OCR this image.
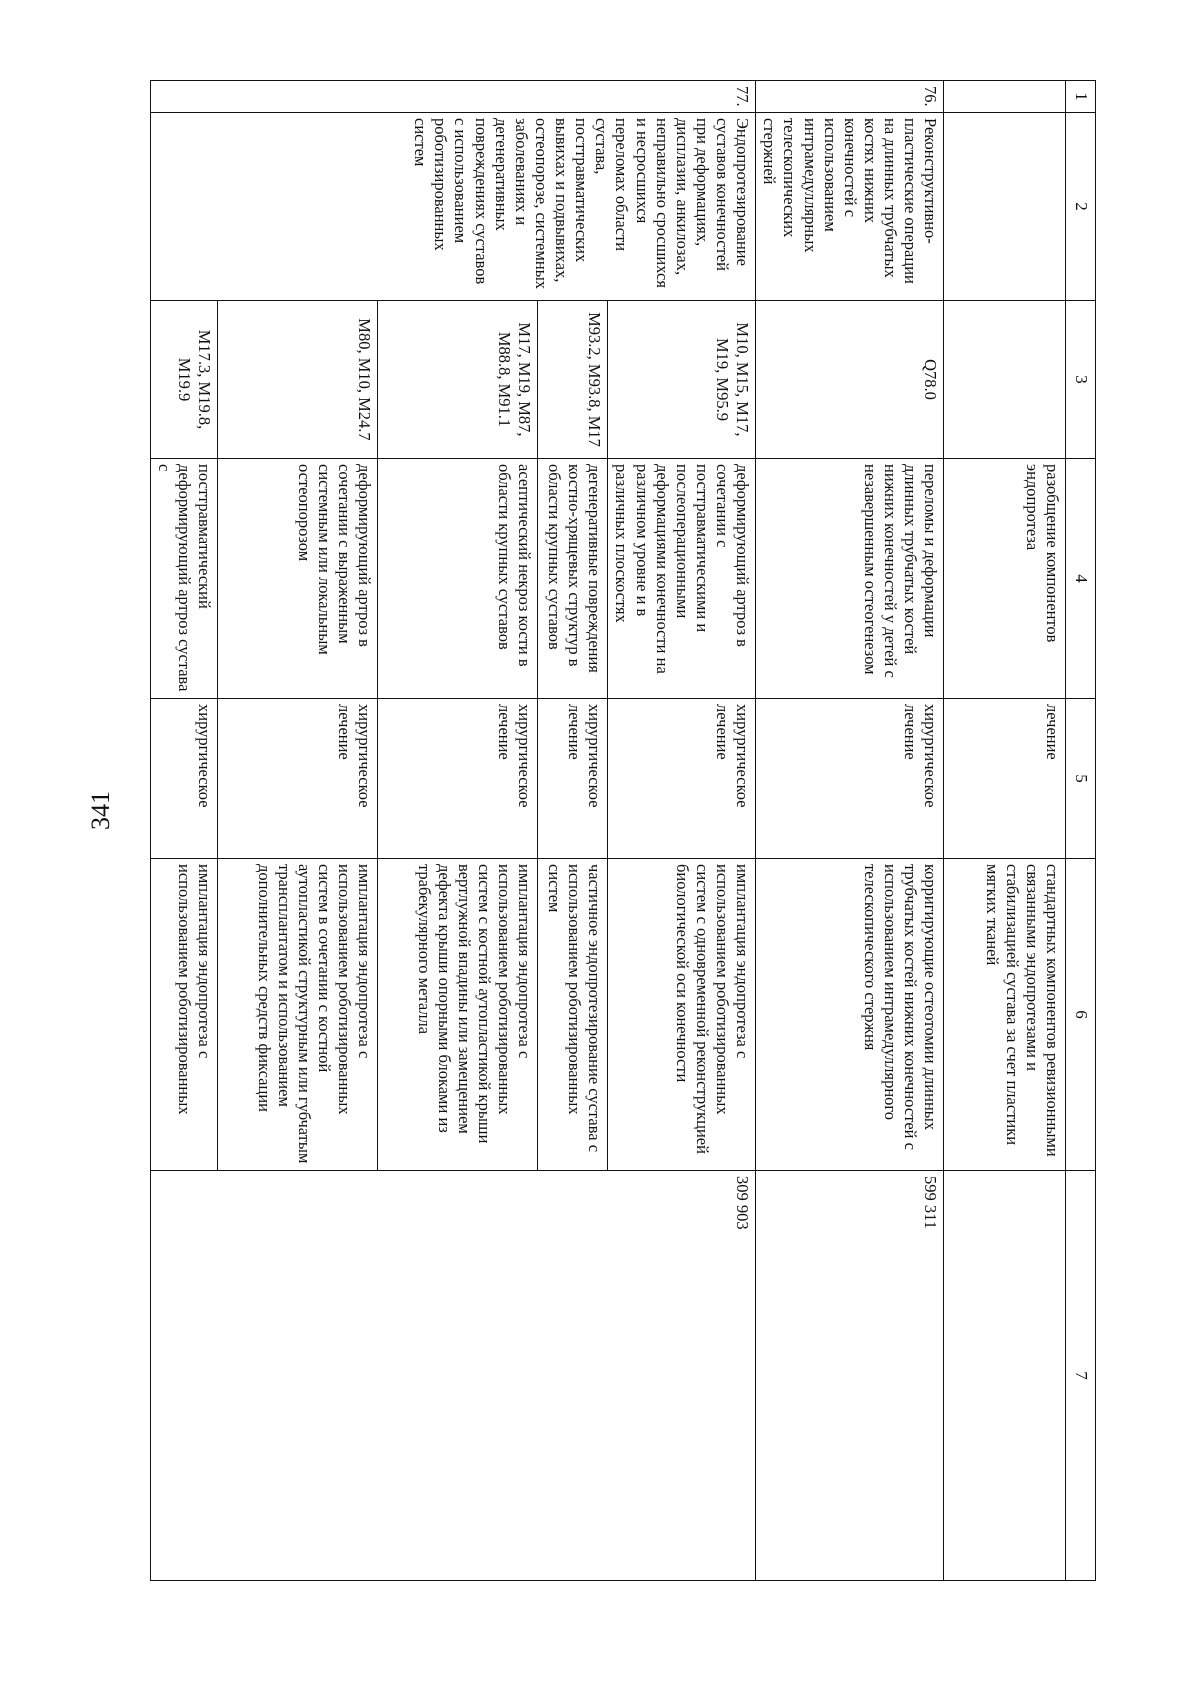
341
1	2	3	4	5	6	7
			разобщение компонентов эндопротеза	лечение	стандартных компонентов ревизионными связанными эндопротезами и стабилизацией сустава за счет пластики мягких тканей	
76.	Реконструктивно-пластические операции на длинных трубчатых костях нижних конечностей с использованием интрамедуллярных телескопических стержней	Q78.0	переломы и деформации длинных трубчатых костей нижних конечностей у детей с незавершенным остеогенезом	хирургическое лечение	корригирующие остеотомии длинных трубчатых костей нижних конечностей с использованием интрамедуллярного телескопического стержня	599 311
77.	Эндопротезирование суставов конечностей при деформациях, дисплазии, анкилозах, неправильно сросшихся и несросшихся переломах области сустава, посттравматических вывихах и подвывихах, остеопорозе, системных заболеваниях и дегенеративных повреждениях суставов с использованием роботизированных систем	M10, M15, M17, M19, M95.9	деформирующий артроз в сочетании с посттравматическими и послеоперационными деформациями конечности на различном уровне и в различных плоскостях	хирургическое лечение	имплантация эндопротеза с использованием роботизированных систем с одновременной реконструкцией биологической оси конечности	309 903
		M93.2, M93.8, M17	дегенеративные повреждения костно-хрящевых структур в области крупных суставов	хирургическое лечение	частичное эндопротезирование сустава с использованием роботизированных систем	
		M17, M19, M87, M88.8, M91.1	асептический некроз кости в области крупных суставов	хирургическое лечение	имплантация эндопротеза с использованием роботизированных систем с костной аутопластикой крыши вертлужной впадины или замещением дефекта крыши опорными блоками из трабекулярного металла	
		M80, M10, M24.7	деформирующий артроз в сочетании с выраженным системным или локальным остеопорозом	хирургическое лечение	имплантация эндопротеза с использованием роботизированных систем в сочетании с костной аутопластикой структурным или губчатым трансплантатом и использованием дополнительных средств фиксации	
		M17.3, M19.8, M19.9	посттравматический деформирующий артроз сустава с	хирургическое	имплантация эндопротеза с использованием роботизированных	
